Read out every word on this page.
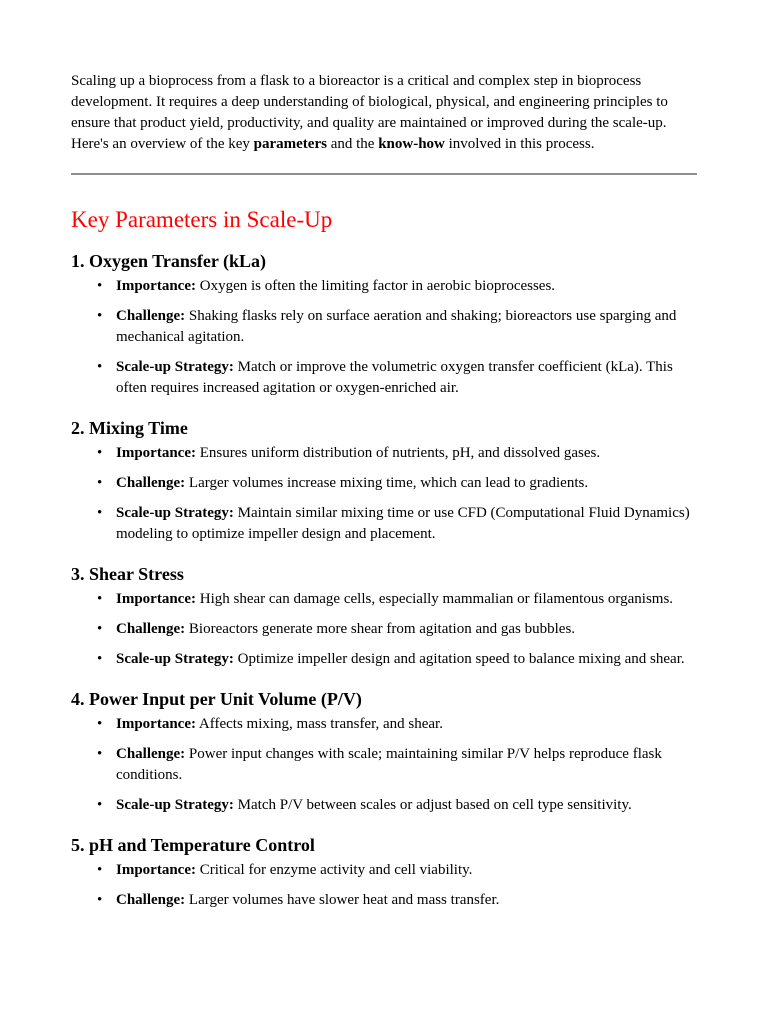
Scaling up a bioprocess from a flask to a bioreactor is a critical and complex step in bioprocess development. It requires a deep understanding of biological, physical, and engineering principles to ensure that product yield, productivity, and quality are maintained or improved during the scale-up. Here's an overview of the key parameters and the know-how involved in this process.

Key Parameters in Scale-Up
1. Oxygen Transfer (kLa)
• Importance: Oxygen is often the limiting factor in aerobic bioprocesses.
• Challenge: Shaking flasks rely on surface aeration and shaking; bioreactors use sparging and mechanical agitation.
• Scale-up Strategy: Match or improve the volumetric oxygen transfer coefficient (kLa). This often requires increased agitation or oxygen-enriched air.
2. Mixing Time
• Importance: Ensures uniform distribution of nutrients, pH, and dissolved gases.
• Challenge: Larger volumes increase mixing time, which can lead to gradients.
• Scale-up Strategy: Maintain similar mixing time or use CFD (Computational Fluid Dynamics) modeling to optimize impeller design and placement.
3. Shear Stress
• Importance: High shear can damage cells, especially mammalian or filamentous organisms.
• Challenge: Bioreactors generate more shear from agitation and gas bubbles.
• Scale-up Strategy: Optimize impeller design and agitation speed to balance mixing and shear.
4. Power Input per Unit Volume (P/V)
• Importance: Affects mixing, mass transfer, and shear.
• Challenge: Power input changes with scale; maintaining similar P/V helps reproduce flask conditions.
• Scale-up Strategy: Match P/V between scales or adjust based on cell type sensitivity.
5. pH and Temperature Control
• Importance: Critical for enzyme activity and cell viability.
• Challenge: Larger volumes have slower heat and mass transfer.
